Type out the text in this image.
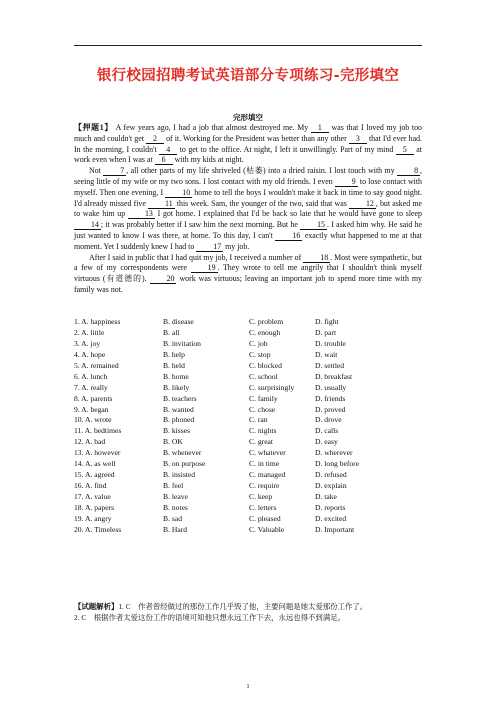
银行校园招聘考试英语部分专项练习-完形填空
完形填空

【押题1】 A few years ago, I had a job that almost destroyed me. My 1 was that I loved my job too much and couldn't get 2 of it. Working for the President was better than any other 3 that I'd ever had. In the morning, I couldn't 4 to get to the office. At night, I left it unwillingly. Part of my mind 5 at work even when I was at 6 with my kids at night.

Not 7 , all other parts of my life shriveled (枯萎) into a dried raisin. I lost touch with my 8 , seeing little of my wife or my two sons. I lost contact with my old friends. I even 9 to lose contact with myself. Then one evening, I 10 home to tell the boys I wouldn't make it back in time to say good night. I'd already missed five 11 this week. Sam, the younger of the two, said that was 12 , but asked me to wake him up 13 I got home. I explained that I'd be back so late that he would have gone to sleep 14 ; it was probably better if I saw him the next morning. But he 15 . I asked him why. He said he just wanted to know I was there, at home. To this day, I can't 16 exactly what happened to me at that moment. Yet I suddenly knew I had to 17 my job.

After I said in public that I had quit my job, I received a number of 18 . Most were sympathetic, but a few of my correspondents were 19 . They wrote to tell me angrily that I shouldn't think myself virtuous (有道德的). 20 work was virtuous; leaving an important job to spend more time with my family was not.

1. A. happiness	B. disease	C. problem	D. fight
2. A. little	B. all	C. enough	D. part
3. A. joy	B. invitation	C. job	D. trouble
4. A. hope	B. help	C. stop	D. wait
5. A. remained	B. held	C. blocked	D. settled
6. A. lunch	B. home	C. school	D. breakfast
7. A. really	B. likely	C. surprisingly	D. usually
8. A. parents	B. teachers	C. family	D. friends
9. A. began	B. wanted	C. chose	D. proved
10. A. wrote	B. phoned	C. ran	D. drove
11. A. bedtimes	B. kisses	C. nights	D. calls
12. A. bad	B. OK	C. great	D. easy
13. A. however	B. whenever	C. whatever	D. wherever
14. A. as well	B. on purpose	C. in time	D. long before
15. A. agreed	B. insisted	C. managed	D. refused
16. A. find	B. feel	C. require	D. explain
17. A. value	B. leave	C. keep	D. take
18. A. papers	B. notes	C. letters	D. reports
19. A. angry	B. sad	C. pleased	D. excited
20. A. Timeless	B. Hard	C. Valuable	D. Important
【试题解析】1. C　作者曾经做过的那份工作几乎毁了他，主要问题是她太爱那份工作了。
2. C　根据作者太爱这份工作的语境可知他只想永远工作下去，永远也得不到满足。
1
